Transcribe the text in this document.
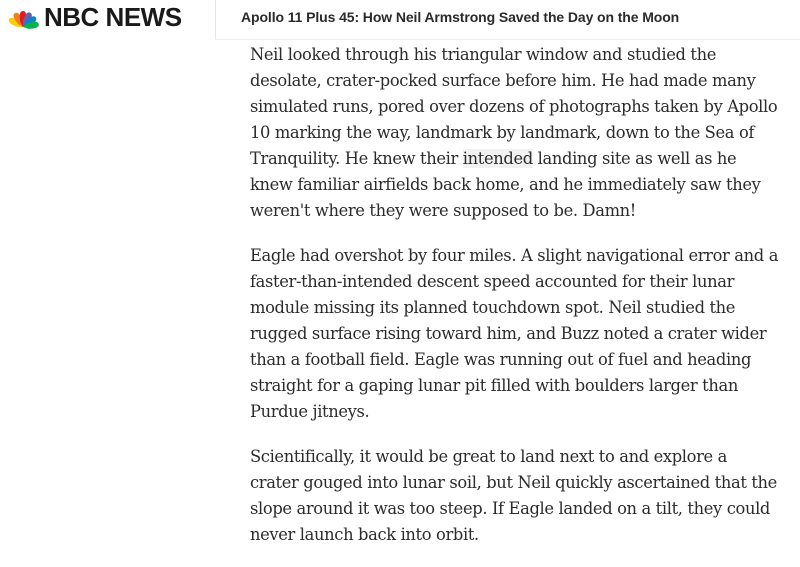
NBC NEWS	Apollo 11 Plus 45: How Neil Armstrong Saved the Day on the Moon

Neil looked through his triangular window and studied the desolate, crater-pocked surface before him. He had made many simulated runs, pored over dozens of photographs taken by Apollo 10 marking the way, landmark by landmark, down to the Sea of Tranquility. He knew their intended landing site as well as he knew familiar airfields back home, and he immediately saw they weren't where they were supposed to be. Damn!

Eagle had overshot by four miles. A slight navigational error and a faster-than-intended descent speed accounted for their lunar module missing its planned touchdown spot. Neil studied the rugged surface rising toward him, and Buzz noted a crater wider than a football field. Eagle was running out of fuel and heading straight for a gaping lunar pit filled with boulders larger than Purdue jitneys.

Scientifically, it would be great to land next to and explore a crater gouged into lunar soil, but Neil quickly ascertained that the slope around it was too steep. If Eagle landed on a tilt, they could never launch back into orbit.
